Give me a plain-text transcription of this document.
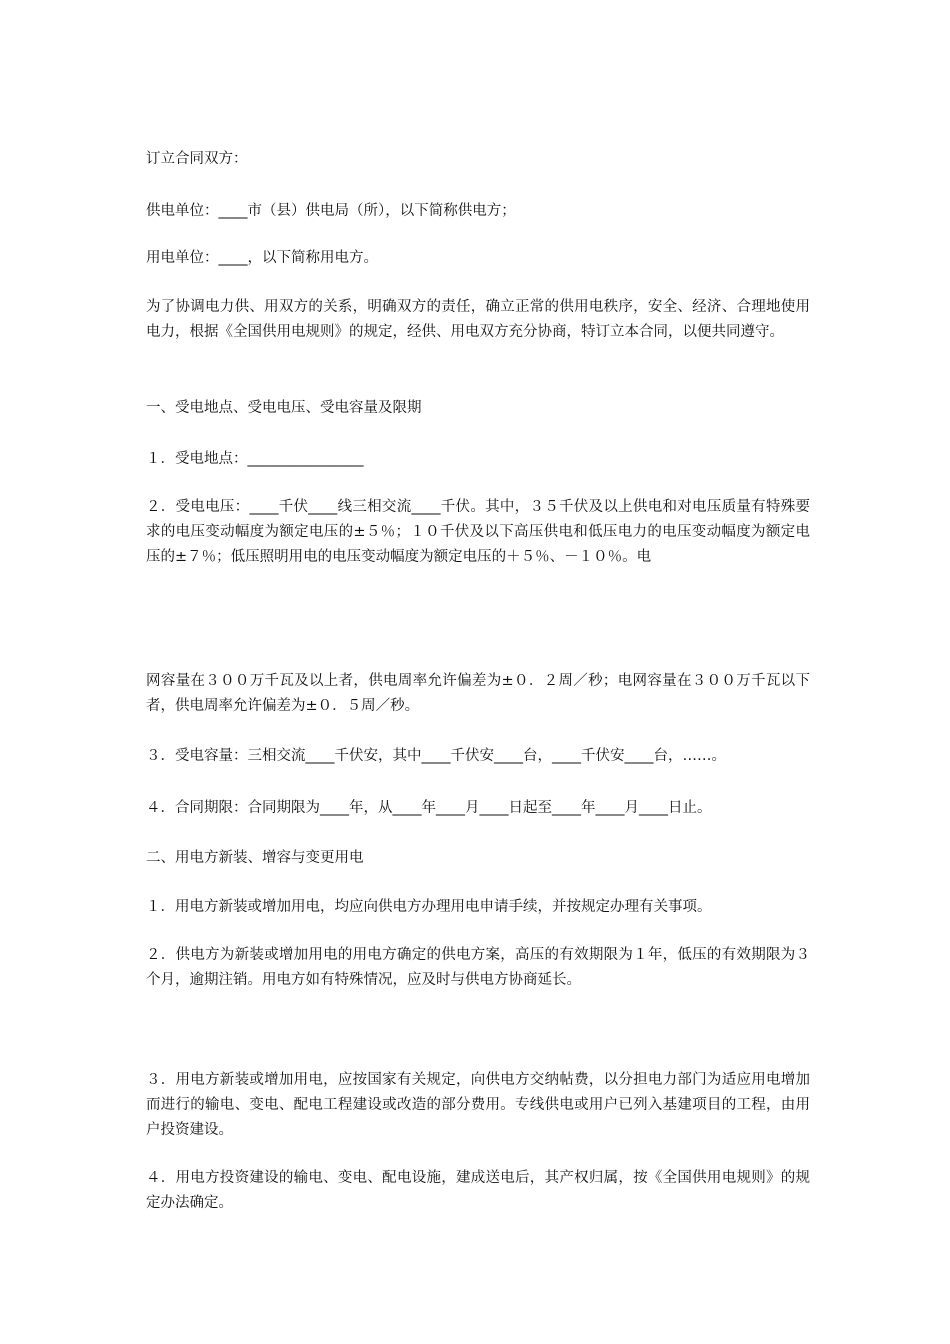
订立合同双方：

供电单位：____市（县）供电局（所），以下简称供电方；

用电单位：____，以下简称用电方。

为了协调电力供、用双方的关系，明确双方的责任，确立正常的供用电秩序，安全、经济、合理地使用电力，根据《全国供用电规则》的规定，经供、用电双方充分协商，特订立本合同，以便共同遵守。

一、受电地点、受电电压、受电容量及限期

１．受电地点：________________

２．受电电压：____千伏____线三相交流____千伏。其中，３５千伏及以上供电和对电压质量有特殊要求的电压变动幅度为额定电压的±５％；１０千伏及以下高压供电和低压电力的电压变动幅度为额定电压的±７％；低压照明用电的电压变动幅度为额定电压的＋５％、－１０％。电

网容量在３００万千瓦及以上者，供电周率允许偏差为±０．２周／秒；电网容量在３００万千瓦以下者，供电周率允许偏差为±０．５周／秒。

３．受电容量：三相交流____千伏安，其中____千伏安____台，____千伏安____台，……。

４．合同期限：合同期限为____年，从____年____月____日起至____年____月____日止。

二、用电方新装、增容与变更用电

１．用电方新装或增加用电，均应向供电方办理用电申请手续，并按规定办理有关事项。

２．供电方为新装或增加用电的用电方确定的供电方案，高压的有效期限为１年，低压的有效期限为３个月，逾期注销。用电方如有特殊情况，应及时与供电方协商延长。

３．用电方新装或增加用电，应按国家有关规定，向供电方交纳帖费，以分担电力部门为适应用电增加而进行的输电、变电、配电工程建设或改造的部分费用。专线供电或用户已列入基建项目的工程，由用户投资建设。

４．用电方投资建设的输电、变电、配电设施，建成送电后，其产权归属，按《全国供用电规则》的规定办法确定。
